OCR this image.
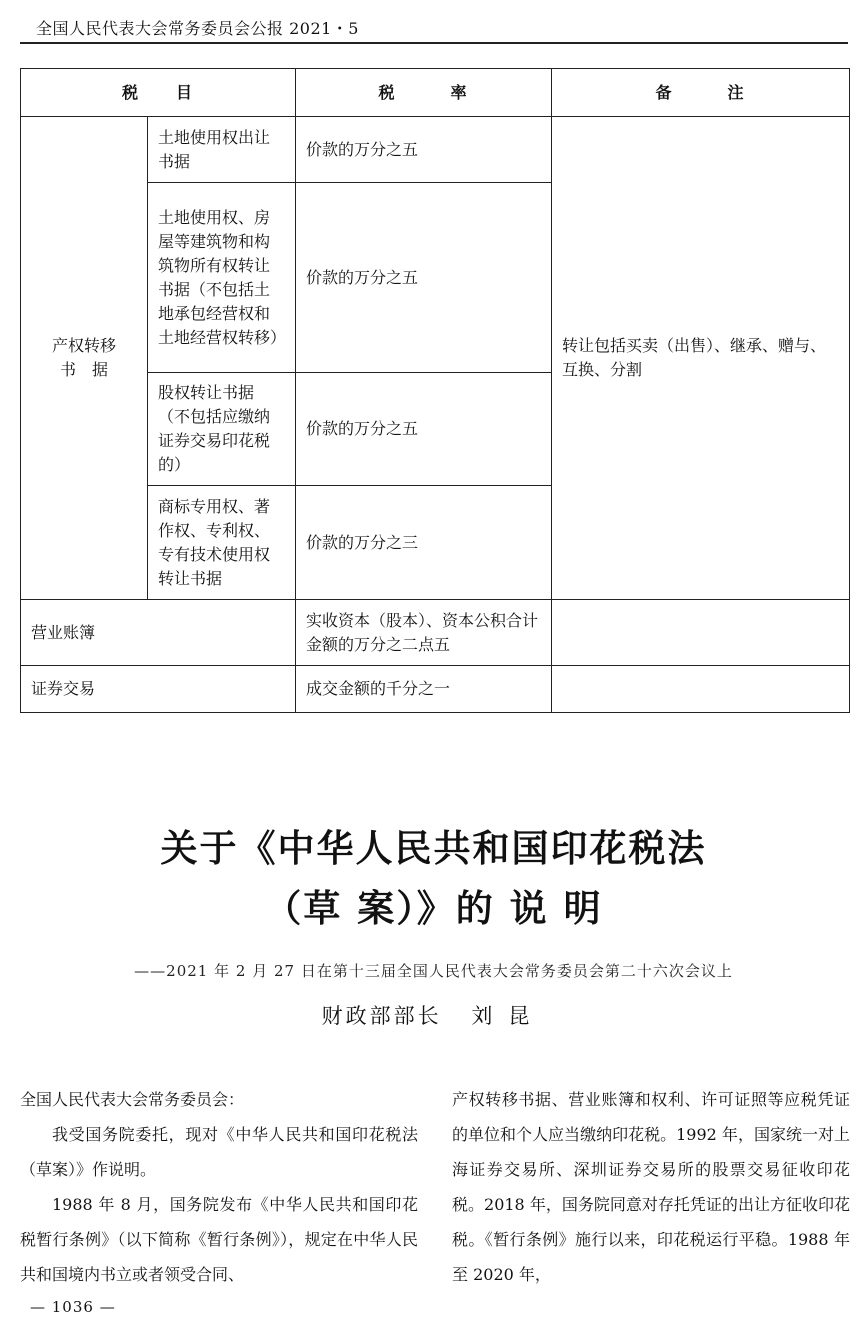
全国人民代表大会常务委员会公报 2021・5
税　　目		税　　　率	备　　　注

产权转移书　据	土地使用权出让书据	价款的万分之五	转让包括买卖（出售）、继承、赠与、互换、分割
	土地使用权、房屋等建筑物和构筑物所有权转让书据（不包括土地承包经营权和土地经营权转移）	价款的万分之五	
	股权转让书据（不包括应缴纳证券交易印花税的）	价款的万分之五	
	商标专用权、著作权、专利权、专有技术使用权转让书据	价款的万分之三	
营业账簿		实收资本（股本）、资本公积合计金额的万分之二点五	
证券交易		成交金额的千分之一	
关于《中华人民共和国印花税法
（草 案）》的 说 明
——2021 年 2 月 27 日在第十三届全国人民代表大会常务委员会第二十六次会议上
财政部部长 刘昆

全国人民代表大会常务委员会：

我受国务院委托，现对《中华人民共和国印花税法（草案）》作说明。

1988 年 8 月，国务院发布《中华人民共和国印花税暂行条例》（以下简称《暂行条例》），规定在中华人民共和国境内书立或者领受合同、

产权转移书据、营业账簿和权利、许可证照等应税凭证的单位和个人应当缴纳印花税。1992 年，国家统一对上海证券交易所、深圳证券交易所的股票交易征收印花税。2018 年，国务院同意对存托凭证的出让方征收印花税。《暂行条例》施行以来，印花税运行平稳。1988 年至 2020 年，

— 1036 —
